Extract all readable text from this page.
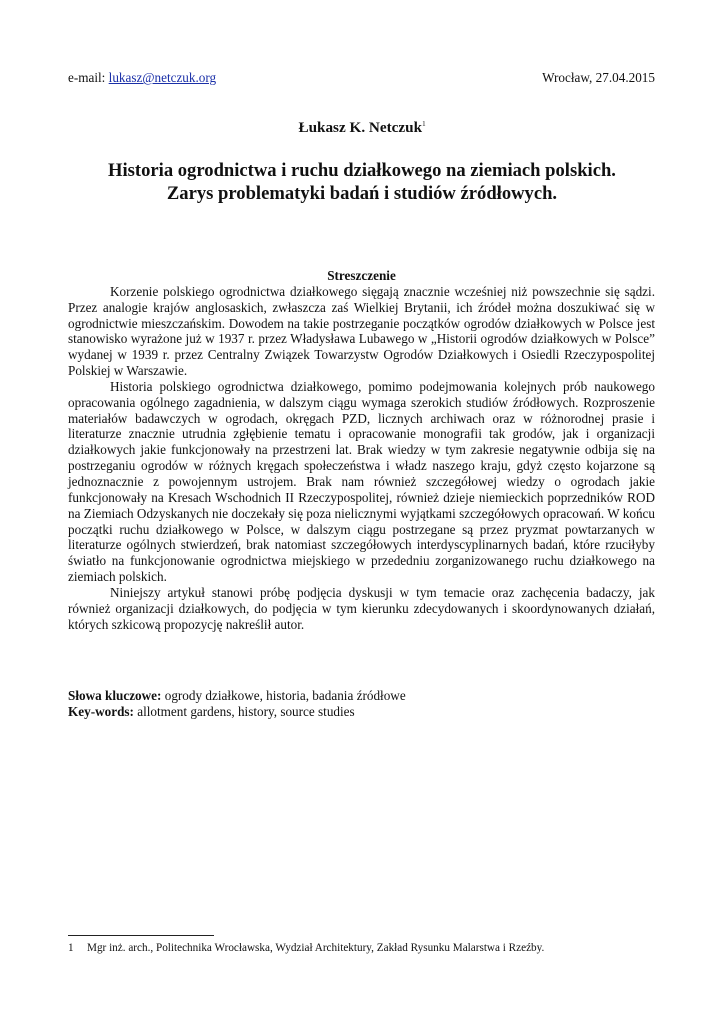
e-mail: lukasz@netczuk.org	Wrocław, 27.04.2015
Łukasz K. Netczuk$^1$
Historia ogrodnictwa i ruchu działkowego na ziemiach polskich.
Zarys problematyki badań i studiów źródłowych.
Streszczenie

Korzenie polskiego ogrodnictwa działkowego sięgają znacznie wcześniej niż powszechnie się sądzi. Przez analogie krajów anglosaskich, zwłaszcza zaś Wielkiej Brytanii, ich źródeł można doszukiwać się w ogrodnictwie mieszczańskim. Dowodem na takie postrzeganie początków ogrodów działkowych w Polsce jest stanowisko wyrażone już w 1937 r. przez Władysława Lubawego w „Historii ogrodów działkowych w Polsce” wydanej w 1939 r. przez Centralny Związek Towarzystw Ogrodów Działkowych i Osiedli Rzeczypospolitej Polskiej w Warszawie.

Historia polskiego ogrodnictwa działkowego, pomimo podejmowania kolejnych prób naukowego opracowania ogólnego zagadnienia, w dalszym ciągu wymaga szerokich studiów źródłowych. Rozproszenie materiałów badawczych w ogrodach, okręgach PZD, licznych archiwach oraz w różnorodnej prasie i literaturze znacznie utrudnia zgłębienie tematu i opracowanie monografii tak grodów, jak i organizacji działkowych jakie funkcjonowały na przestrzeni lat. Brak wiedzy w tym zakresie negatywnie odbija się na postrzeganiu ogrodów w różnych kręgach społeczeństwa i władz naszego kraju, gdyż często kojarzone są jednoznacznie z powojennym ustrojem. Brak nam również szczegółowej wiedzy o ogrodach jakie funkcjonowały na Kresach Wschodnich II Rzeczypospolitej, również dzieje niemieckich poprzedników ROD na Ziemiach Odzyskanych nie doczekały się poza nielicznymi wyjątkami szczegółowych opracowań. W końcu początki ruchu działkowego w Polsce, w dalszym ciągu postrzegane są przez pryzmat powtarzanych w literaturze ogólnych stwierdzeń, brak natomiast szczegółowych interdyscyplinarnych badań, które rzuciłyby światło na funkcjonowanie ogrodnictwa miejskiego w przededniu zorganizowanego ruchu działkowego na ziemiach polskich.

Niniejszy artykuł stanowi próbę podjęcia dyskusji w tym temacie oraz zachęcenia badaczy, jak również organizacji działkowych, do podjęcia w tym kierunku zdecydowanych i skoordynowanych działań, których szkicową propozycję nakreślił autor.

Słowa kluczowe: ogrody działkowe, historia, badania źródłowe
Key-words: allotment gardens, history, source studies
1 Mgr inż. arch., Politechnika Wrocławska, Wydział Architektury, Zakład Rysunku Malarstwa i Rzeźby.
